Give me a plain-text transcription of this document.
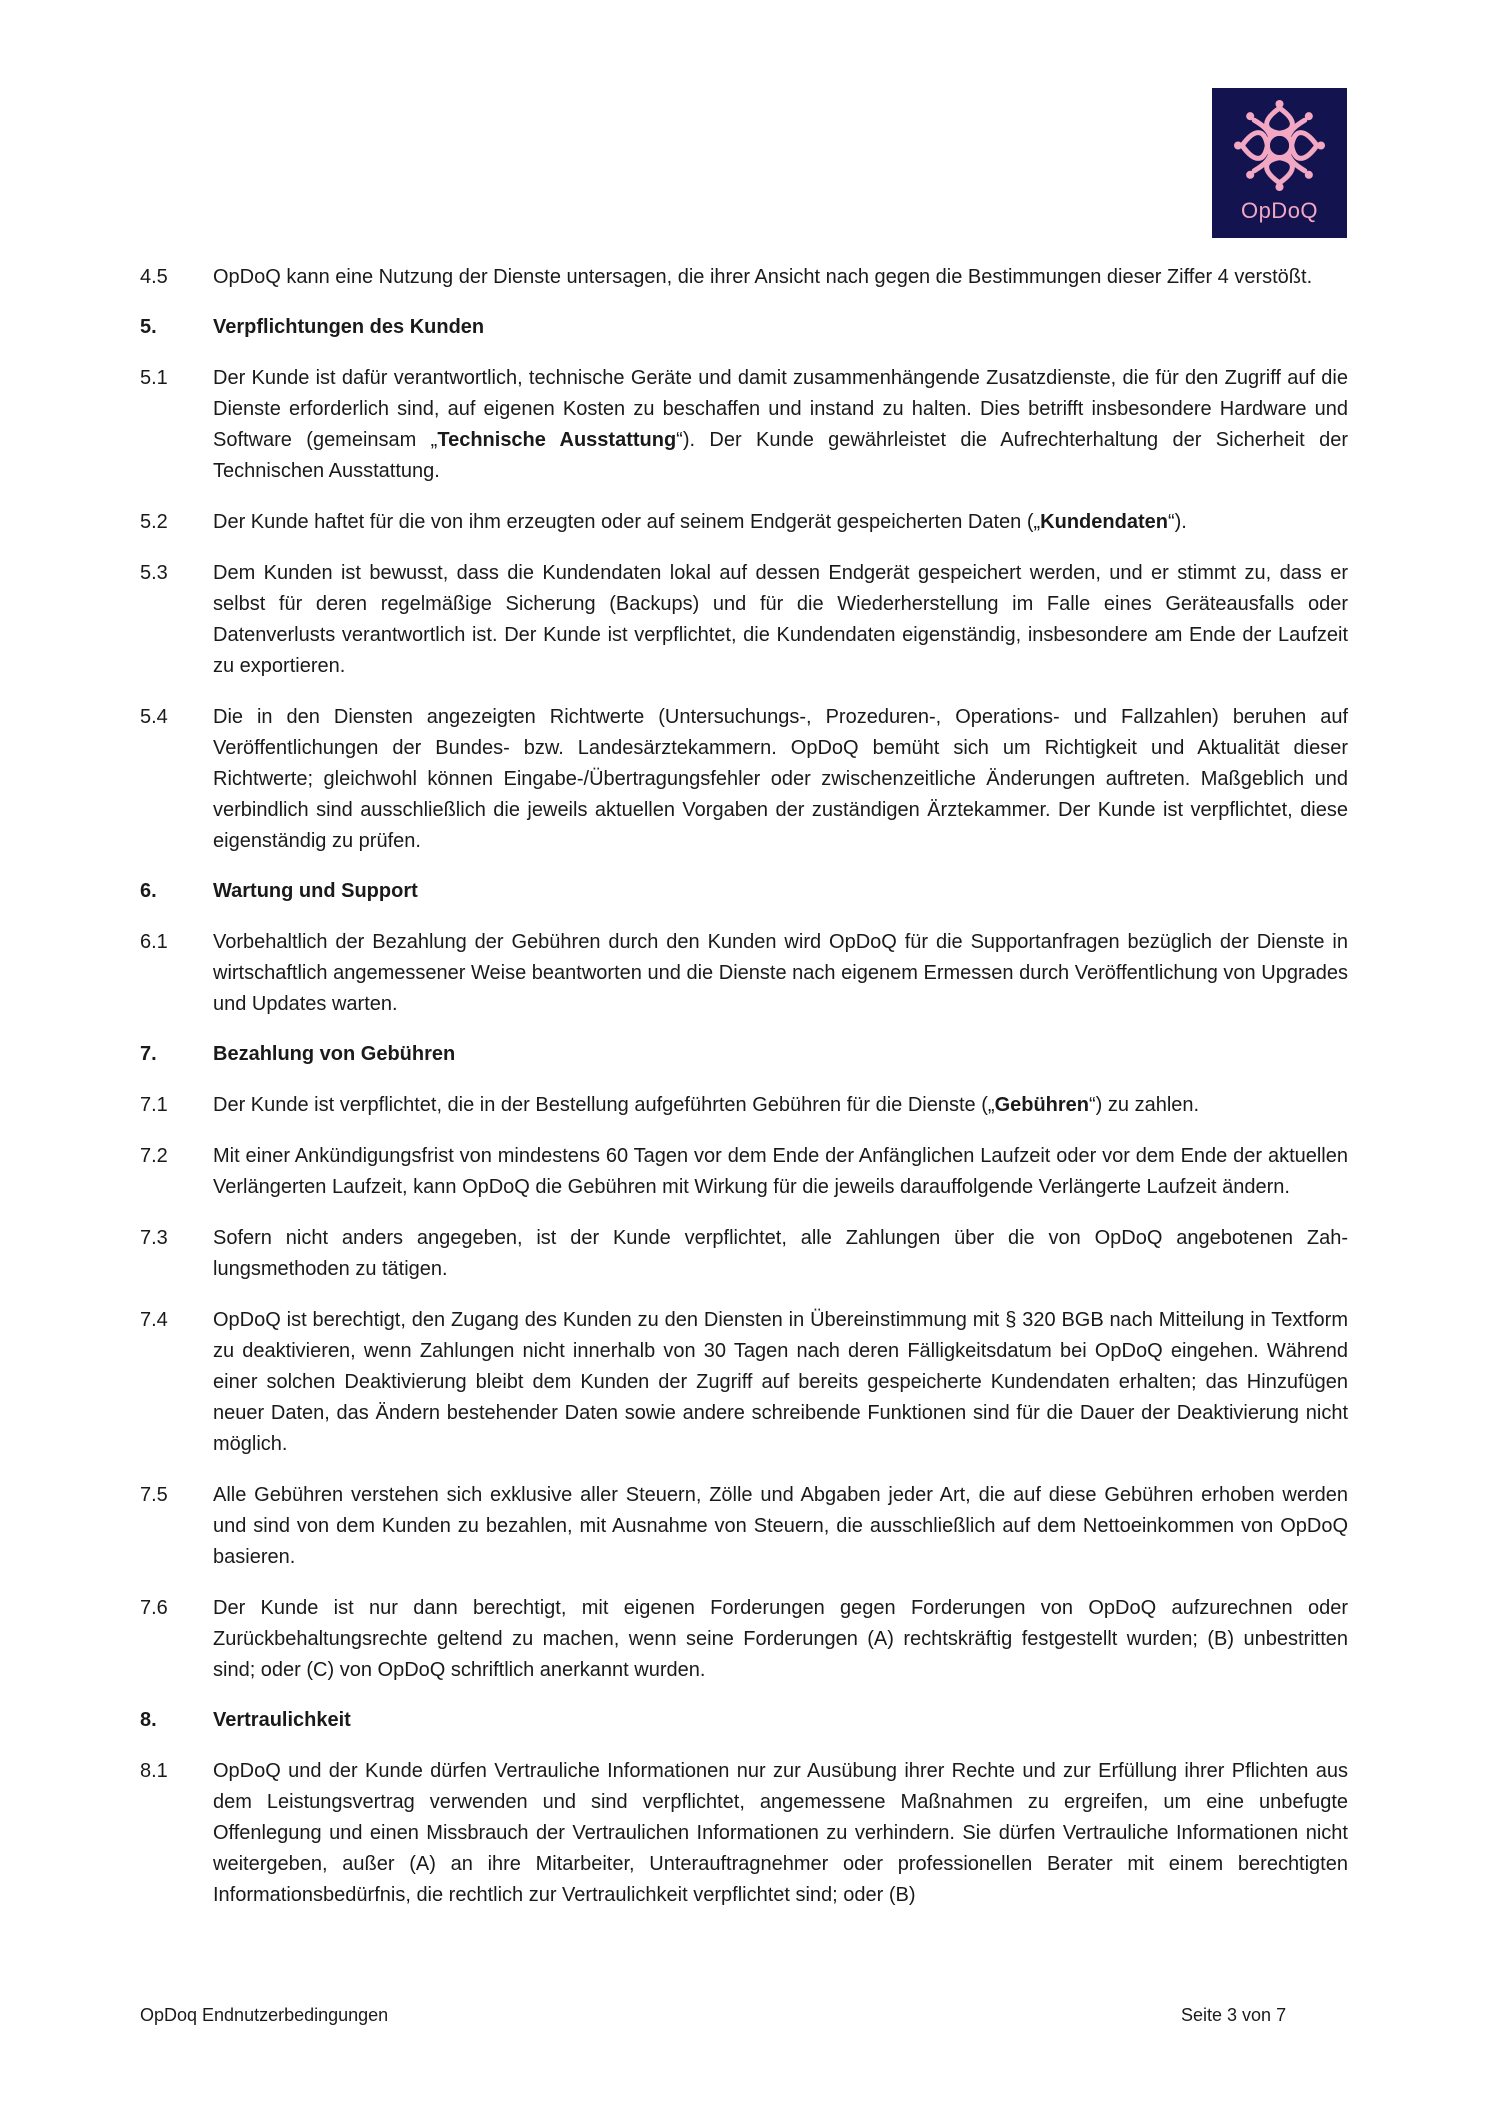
OpDoQ
4.5	OpDoQ kann eine Nutzung der Dienste untersagen, die ihrer Ansicht nach gegen die Bestimmungen dieser Ziffer 4 verstößt.
5.	Verpflichtungen des Kunden
5.1	Der Kunde ist dafür verantwortlich, technische Geräte und damit zusammenhängende Zusatzdienste, die für den Zugriff auf die Dienste erforderlich sind, auf eigenen Kosten zu beschaffen und instand zu halten. Dies betrifft insbesondere Hardware und Software (gemeinsam „Technische Ausstattung“). Der Kunde gewährleistet die Aufrechterhaltung der Sicherheit der Technischen Ausstattung.
5.2	Der Kunde haftet für die von ihm erzeugten oder auf seinem Endgerät gespeicherten Daten („Kundendaten“).
5.3	Dem Kunden ist bewusst, dass die Kundendaten lokal auf dessen Endgerät gespeichert werden, und er stimmt zu, dass er selbst für deren regelmäßige Sicherung (Backups) und für die Wiederherstellung im Falle eines Geräteausfalls oder Datenverlusts verantwortlich ist. Der Kunde ist verpflichtet, die Kundendaten eigenständig, insbesondere am Ende der Laufzeit zu exportieren.
5.4	Die in den Diensten angezeigten Richtwerte (Untersuchungs-, Prozeduren-, Operations- und Fallzahlen) beruhen auf Veröffentlichungen der Bundes- bzw. Landesärztekammern. OpDoQ bemüht sich um Richtigkeit und Aktualität dieser Richtwerte; gleichwohl können Eingabe-/Übertragungsfehler oder zwischenzeitliche Änderungen auftreten. Maßgeblich und verbindlich sind ausschließlich die jeweils aktuellen Vorgaben der zuständigen Ärztekammer. Der Kunde ist verpflichtet, diese eigenständig zu prüfen.
6.	Wartung und Support
6.1	Vorbehaltlich der Bezahlung der Gebühren durch den Kunden wird OpDoQ für die Supportanfragen bezüglich der Dienste in wirtschaftlich angemessener Weise beantworten und die Dienste nach eigenem Ermessen durch Veröffentlichung von Upgrades und Updates warten.
7.	Bezahlung von Gebühren
7.1	Der Kunde ist verpflichtet, die in der Bestellung aufgeführten Gebühren für die Dienste („Gebühren“) zu zahlen.
7.2	Mit einer Ankündigungsfrist von mindestens 60 Tagen vor dem Ende der Anfänglichen Laufzeit oder vor dem Ende der aktuellen Verlängerten Laufzeit, kann OpDoQ die Gebühren mit Wirkung für die jeweils darauffolgende Verlängerte Laufzeit ändern.
7.3	Sofern nicht anders angegeben, ist der Kunde verpflichtet, alle Zahlungen über die von OpDoQ angebotenen Zahlungsmethoden zu tätigen.
7.4	OpDoQ ist berechtigt, den Zugang des Kunden zu den Diensten in Übereinstimmung mit § 320 BGB nach Mitteilung in Textform zu deaktivieren, wenn Zahlungen nicht innerhalb von 30 Tagen nach deren Fälligkeitsdatum bei OpDoQ eingehen. Während einer solchen Deaktivierung bleibt dem Kunden der Zugriff auf bereits gespeicherte Kundendaten erhalten; das Hinzufügen neuer Daten, das Ändern bestehender Daten sowie andere schreibende Funktionen sind für die Dauer der Deaktivierung nicht möglich.
7.5	Alle Gebühren verstehen sich exklusive aller Steuern, Zölle und Abgaben jeder Art, die auf diese Gebühren erhoben werden und sind von dem Kunden zu bezahlen, mit Ausnahme von Steuern, die ausschließlich auf dem Nettoeinkommen von OpDoQ basieren.
7.6	Der Kunde ist nur dann berechtigt, mit eigenen Forderungen gegen Forderungen von OpDoQ aufzurechnen oder Zurückbehaltungsrechte geltend zu machen, wenn seine Forderungen (A) rechtskräftig festgestellt wurden; (B) unbestritten sind; oder (C) von OpDoQ schriftlich anerkannt wurden.
8.	Vertraulichkeit
8.1	OpDoQ und der Kunde dürfen Vertrauliche Informationen nur zur Ausübung ihrer Rechte und zur Erfüllung ihrer Pflichten aus dem Leistungsvertrag verwenden und sind verpflichtet, angemessene Maßnahmen zu ergreifen, um eine unbefugte Offenlegung und einen Missbrauch der Vertraulichen Informationen zu verhindern. Sie dürfen Vertrauliche Informationen nicht weitergeben, außer (A) an ihre Mitarbeiter, Unterauftragnehmer oder professionellen Berater mit einem berechtigten Informationsbedürfnis, die rechtlich zur Vertraulichkeit verpflichtet sind; oder (B)
OpDoq Endnutzerbedingungen	Seite 3 von 7
